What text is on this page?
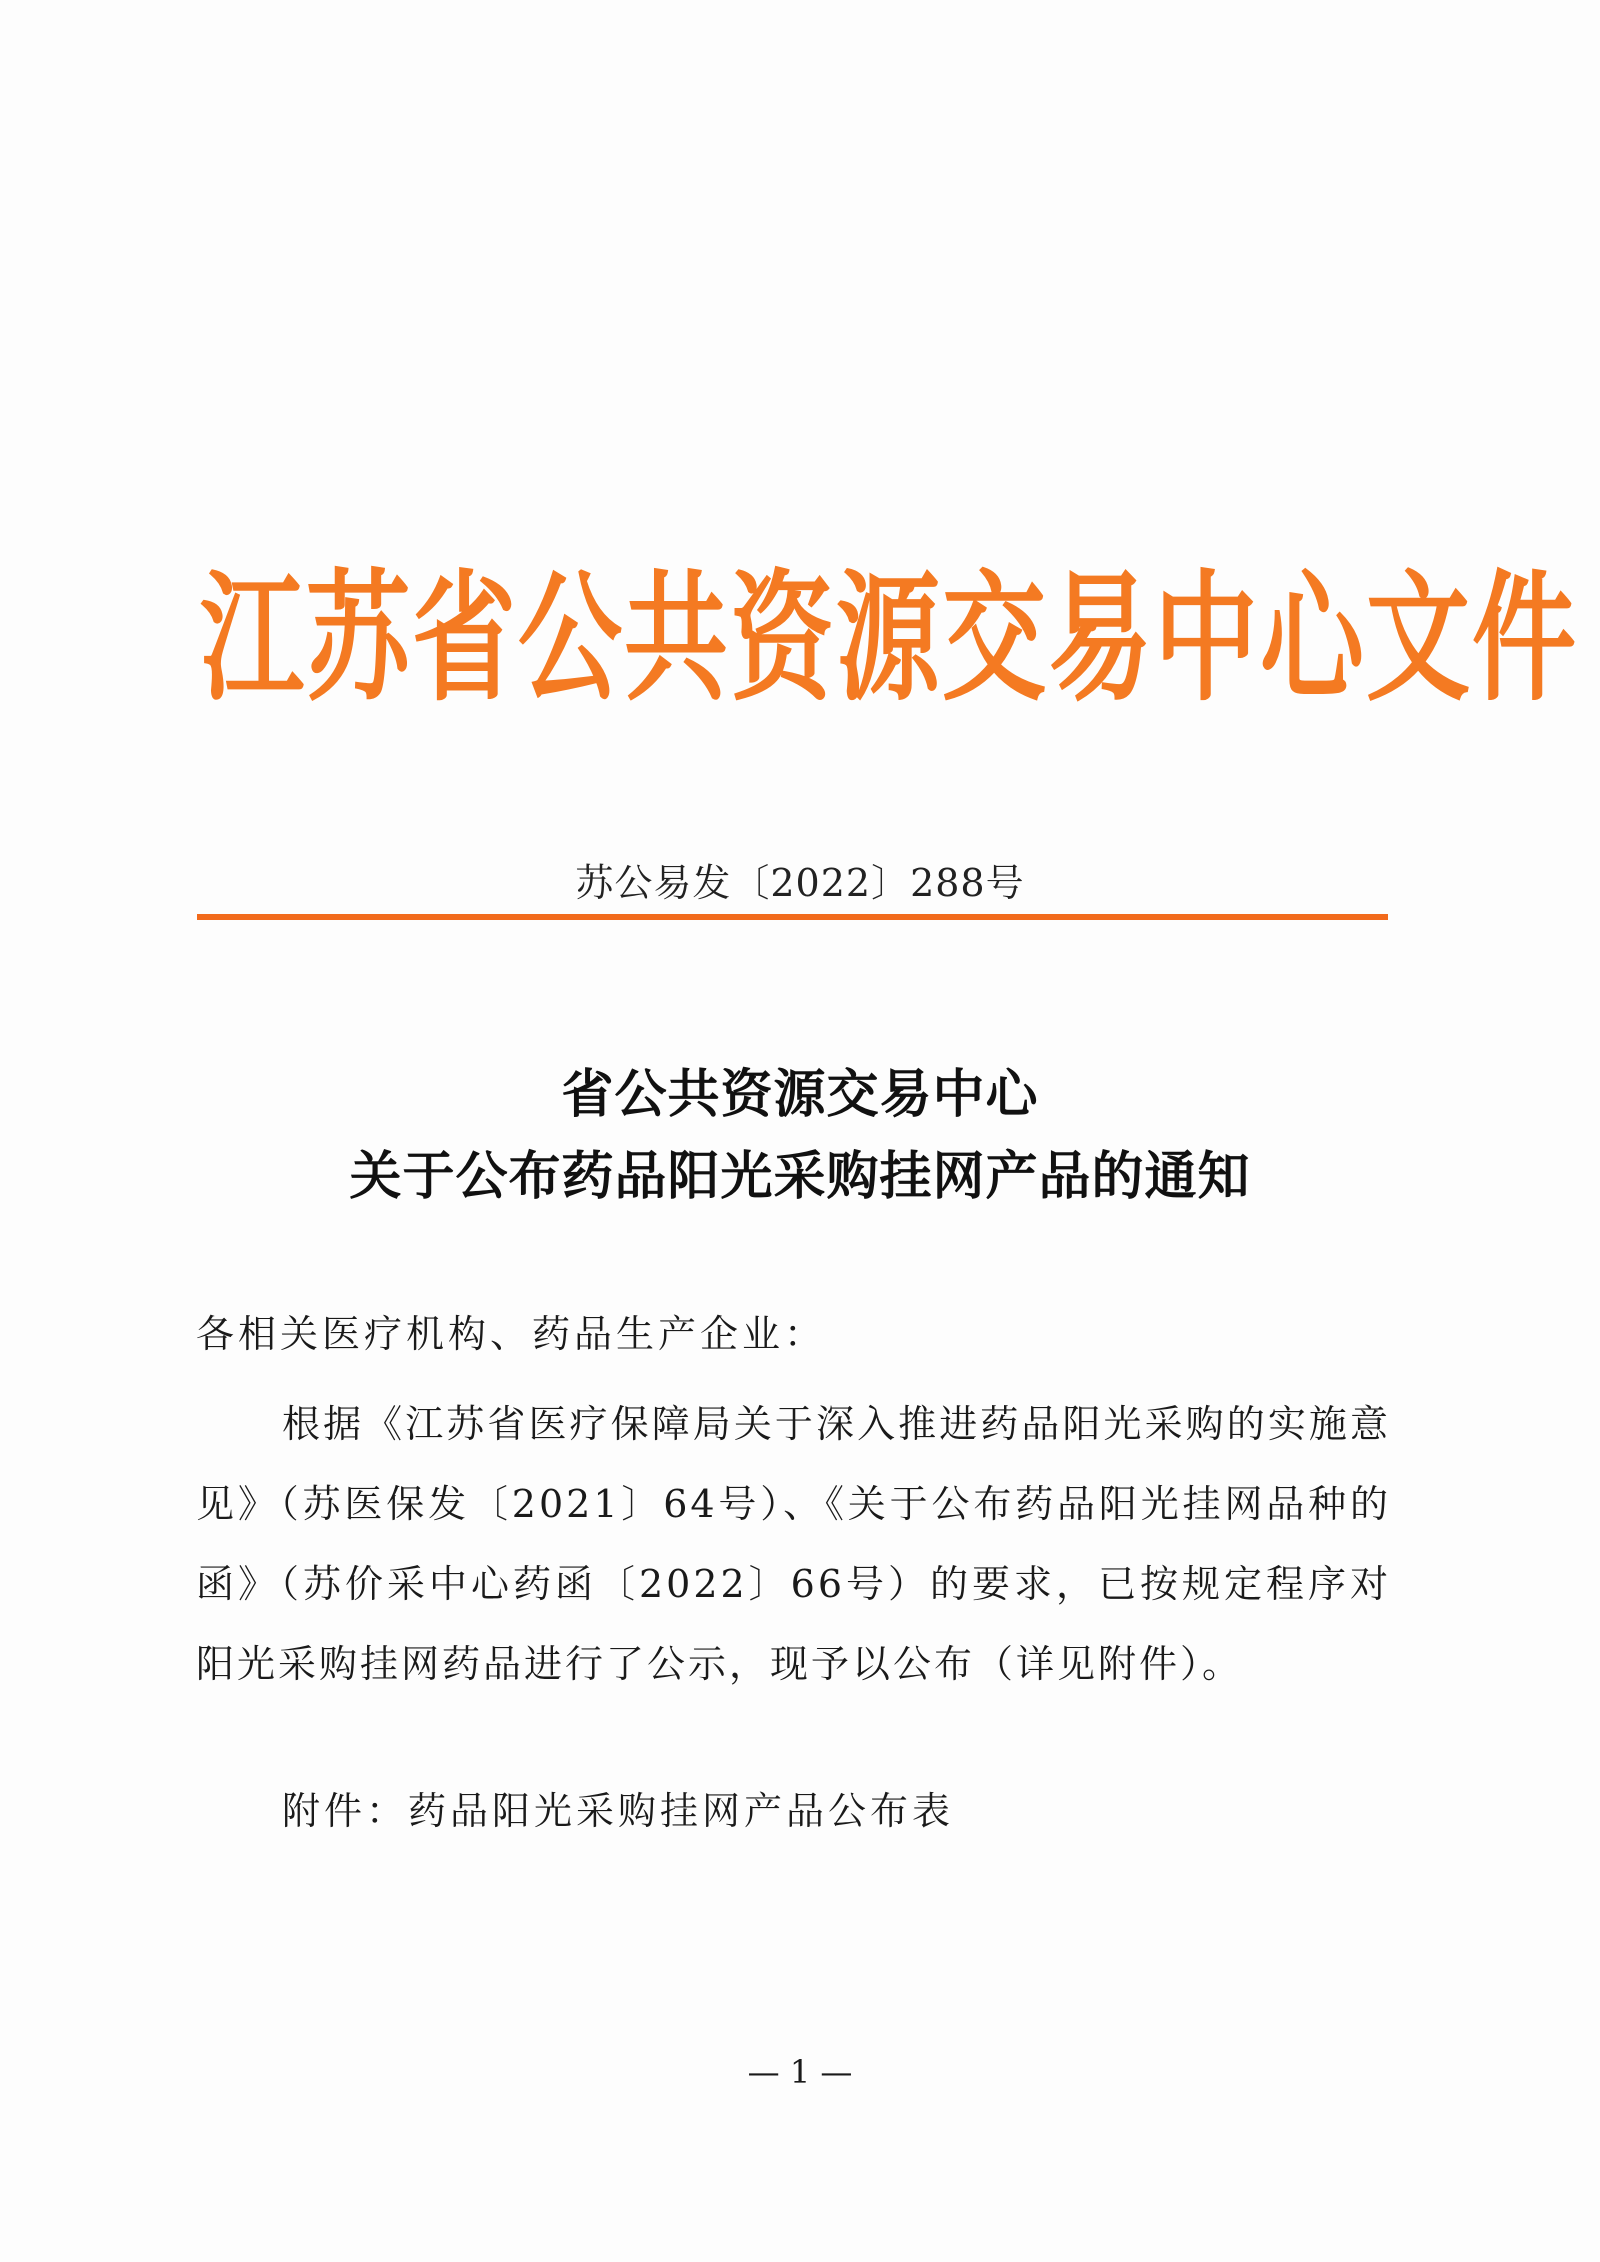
江苏省公共资源交易中心文件
苏公易发〔2022〕288号
省公共资源交易中心
关于公布药品阳光采购挂网产品的通知
各相关医疗机构、药品生产企业：

根据《江苏省医疗保障局关于深入推进药品阳光采购的实施意见》（苏医保发〔2021〕64号）、《关于公布药品阳光挂网品种的函》（苏价采中心药函〔2022〕66号）的要求，已按规定程序对阳光采购挂网药品进行了公示，现予以公布（详见附件）。

附件：药品阳光采购挂网产品公布表
— 1 —
